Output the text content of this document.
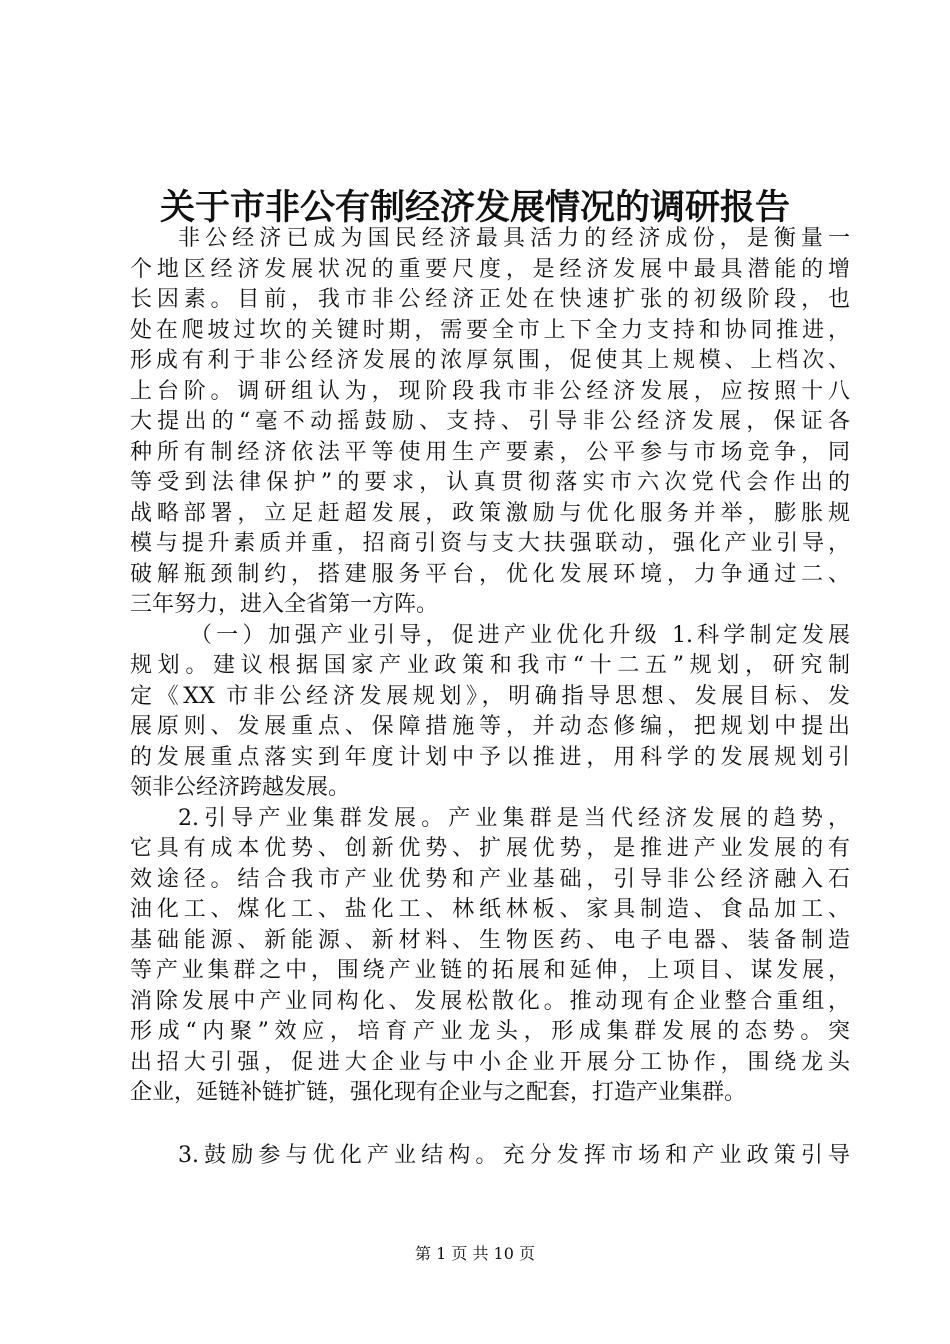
关于市非公有制经济发展情况的调研报告
非公经济已成为国民经济最具活力的经济成份，是衡量一
个地区经济发展状况的重要尺度，是经济发展中最具潜能的增
长因素。目前，我市非公经济正处在快速扩张的初级阶段，也
处在爬坡过坎的关键时期，需要全市上下全力支持和协同推进，
形成有利于非公经济发展的浓厚氛围，促使其上规模、上档次、
上台阶。调研组认为，现阶段我市非公经济发展，应按照十八
大提出的“毫不动摇鼓励、支持、引导非公经济发展，保证各
种所有制经济依法平等使用生产要素，公平参与市场竞争，同
等受到法律保护”的要求，认真贯彻落实市六次党代会作出的
战略部署，立足赶超发展，政策激励与优化服务并举，膨胀规
模与提升素质并重，招商引资与支大扶强联动，强化产业引导，
破解瓶颈制约，搭建服务平台，优化发展环境，力争通过二、
三年努力，进入全省第一方阵。
（一）加强产业引导，促进产业优化升级 1.科学制定发展
规划。建议根据国家产业政策和我市“十二五”规划，研究制
定《XX 市非公经济发展规划》，明确指导思想、发展目标、发
展原则、发展重点、保障措施等，并动态修编，把规划中提出
的发展重点落实到年度计划中予以推进，用科学的发展规划引
领非公经济跨越发展。
2.引导产业集群发展。产业集群是当代经济发展的趋势，
它具有成本优势、创新优势、扩展优势，是推进产业发展的有
效途径。结合我市产业优势和产业基础，引导非公经济融入石
油化工、煤化工、盐化工、林纸林板、家具制造、食品加工、
基础能源、新能源、新材料、生物医药、电子电器、装备制造
等产业集群之中，围绕产业链的拓展和延伸，上项目、谋发展，
消除发展中产业同构化、发展松散化。推动现有企业整合重组，
形成“内聚”效应，培育产业龙头，形成集群发展的态势。突
出招大引强，促进大企业与中小企业开展分工协作，围绕龙头
企业，延链补链扩链，强化现有企业与之配套，打造产业集群。
3.鼓励参与优化产业结构。充分发挥市场和产业政策引导
第 1 页 共 10 页
